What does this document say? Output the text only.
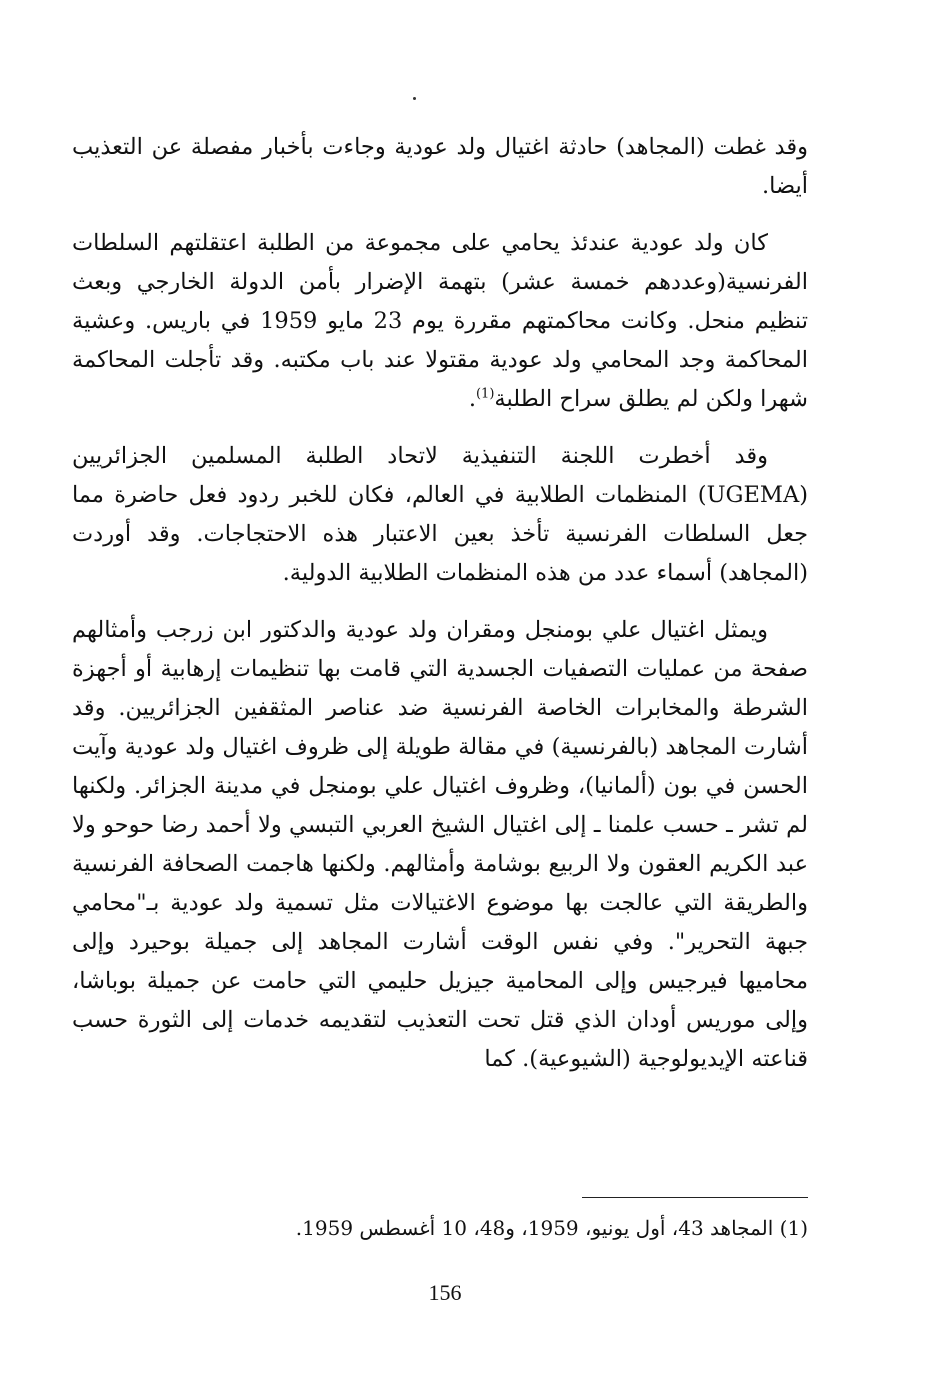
وقد غطت (المجاهد) حادثة اغتيال ولد عودية وجاءت بأخبار مفصلة عن التعذيب أيضا.

كان ولد عودية عندئذ يحامي على مجموعة من الطلبة اعتقلتهم السلطات الفرنسية(وعددهم خمسة عشر) بتهمة الإضرار بأمن الدولة الخارجي وبعث تنظيم منحل. وكانت محاكمتهم مقررة يوم 23 مايو 1959 في باريس. وعشية المحاكمة وجد المحامي ولد عودية مقتولا عند باب مكتبه. وقد تأجلت المحاكمة شهرا ولكن لم يطلق سراح الطلبة$^{(1)}$.

وقد أخطرت اللجنة التنفيذية لاتحاد الطلبة المسلمين الجزائريين (UGEMA) المنظمات الطلابية في العالم، فكان للخبر ردود فعل حاضرة مما جعل السلطات الفرنسية تأخذ بعين الاعتبار هذه الاحتجاجات. وقد أوردت (المجاهد) أسماء عدد من هذه المنظمات الطلابية الدولية.

ويمثل اغتيال علي بومنجل ومقران ولد عودية والدكتور ابن زرجب وأمثالهم صفحة من عمليات التصفيات الجسدية التي قامت بها تنظيمات إرهابية أو أجهزة الشرطة والمخابرات الخاصة الفرنسية ضد عناصر المثقفين الجزائريين. وقد أشارت المجاهد (بالفرنسية) في مقالة طويلة إلى ظروف اغتيال ولد عودية وآيت الحسن في بون (ألمانيا)، وظروف اغتيال علي بومنجل في مدينة الجزائر. ولكنها لم تشر ـ حسب علمنا ـ إلى اغتيال الشيخ العربي التبسي ولا أحمد رضا حوحو ولا عبد الكريم العقون ولا الربيع بوشامة وأمثالهم. ولكنها هاجمت الصحافة الفرنسية والطريقة التي عالجت بها موضوع الاغتيالات مثل تسمية ولد عودية بـ"محامي جبهة التحرير". وفي نفس الوقت أشارت المجاهد إلى جميلة بوحيرد وإلى محاميها فيرجيس وإلى المحامية جيزيل حليمي التي حامت عن جميلة بوباشا، وإلى موريس أودان الذي قتل تحت التعذيب لتقديمه خدمات إلى الثورة حسب قناعته الإيديولوجية (الشيوعية). كما

(1) المجاهد 43، أول يونيو، 1959، و48، 10 أغسطس 1959.
156
